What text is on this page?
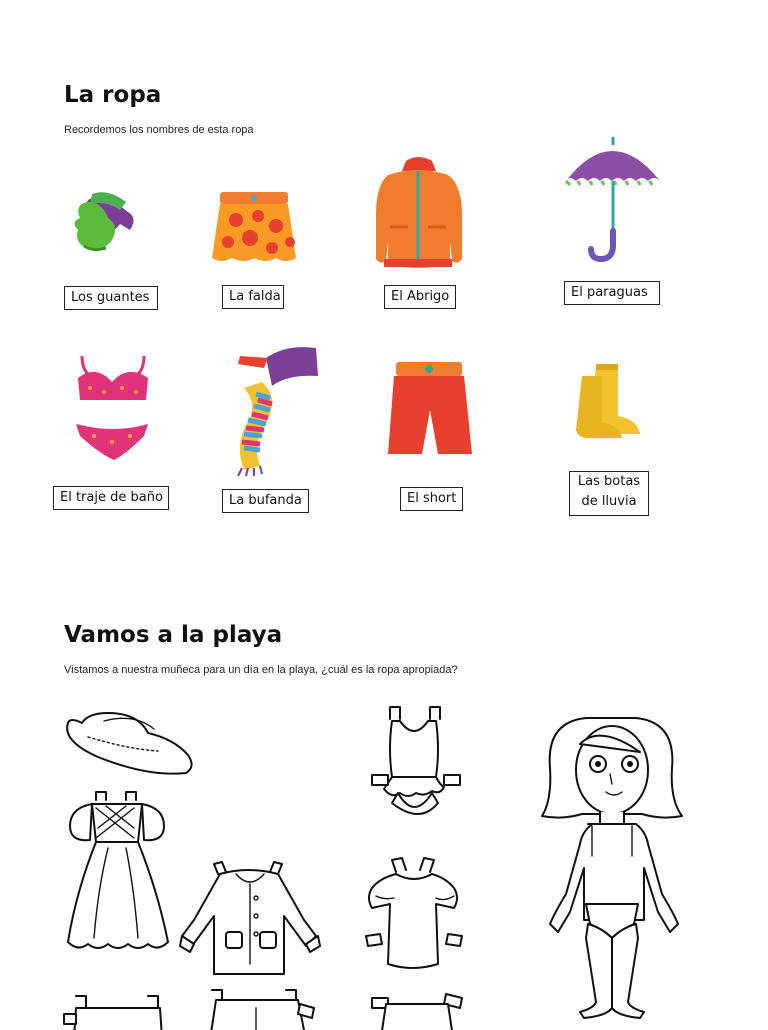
La ropa
Recordemos los nombres de esta ropa
Los guantes	La falda	El Abrigo	El paraguas
El traje de baño	La bufanda	El short
Las botas
de lluvia
Vamos a la playa
Vistamos a nuestra muñeca para un día en la playa, ¿cuál es la ropa apropiada?
